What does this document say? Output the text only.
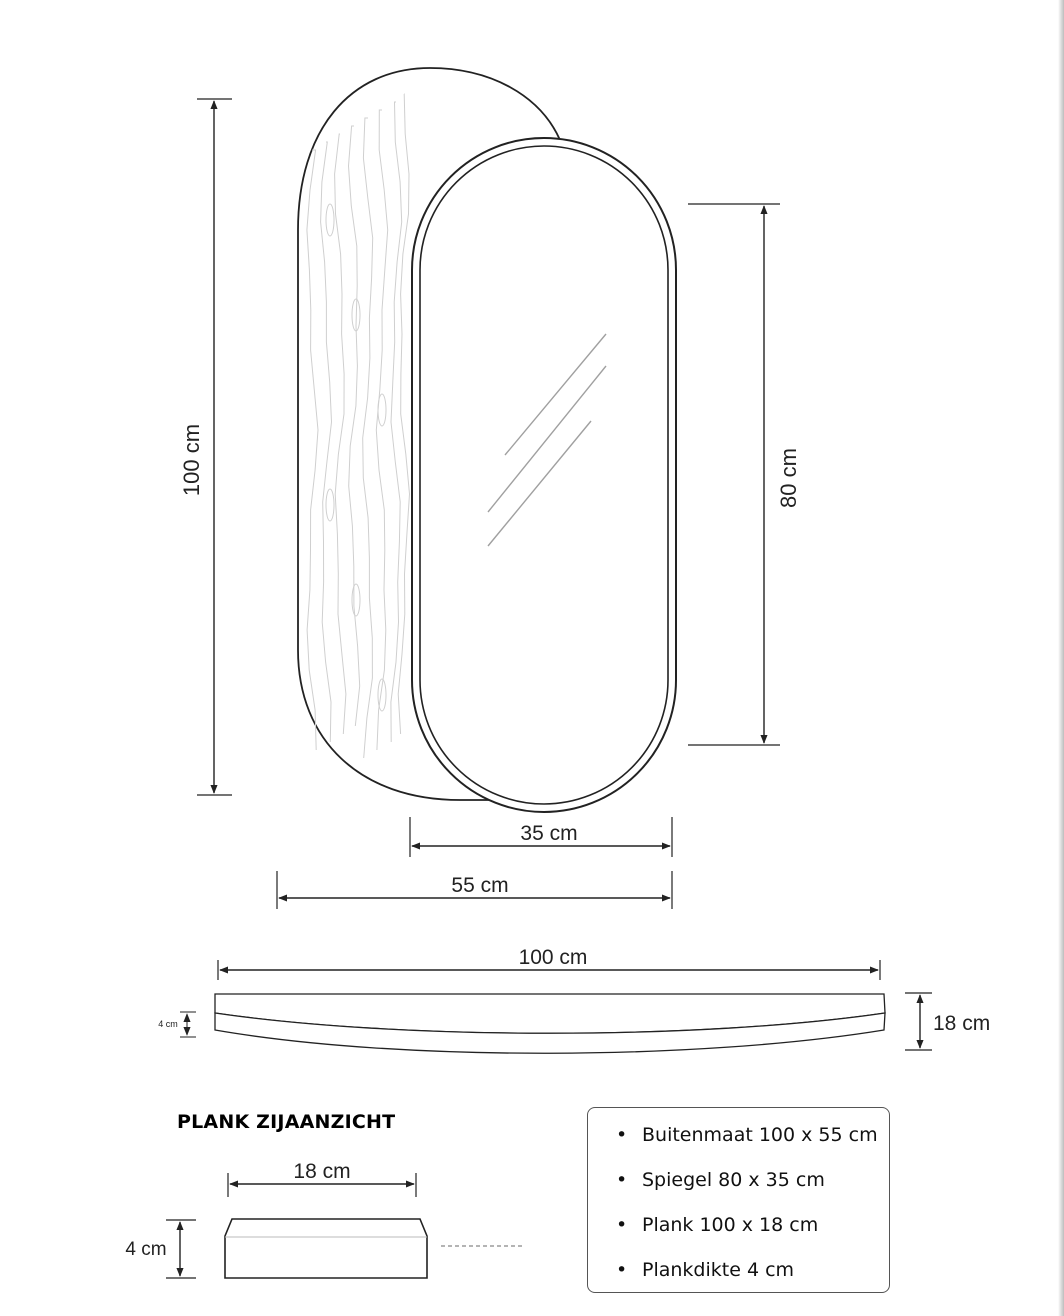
100 cm	80 cm
35 cm
55 cm
100 cm
4 cm	18 cm
18 cm
4 cm
PLANK ZIJAANZICHT
• Buitenmaat 100 x 55 cm
• Spiegel 80 x 35 cm
• Plank 100 x 18 cm
• Plankdikte 4 cm
